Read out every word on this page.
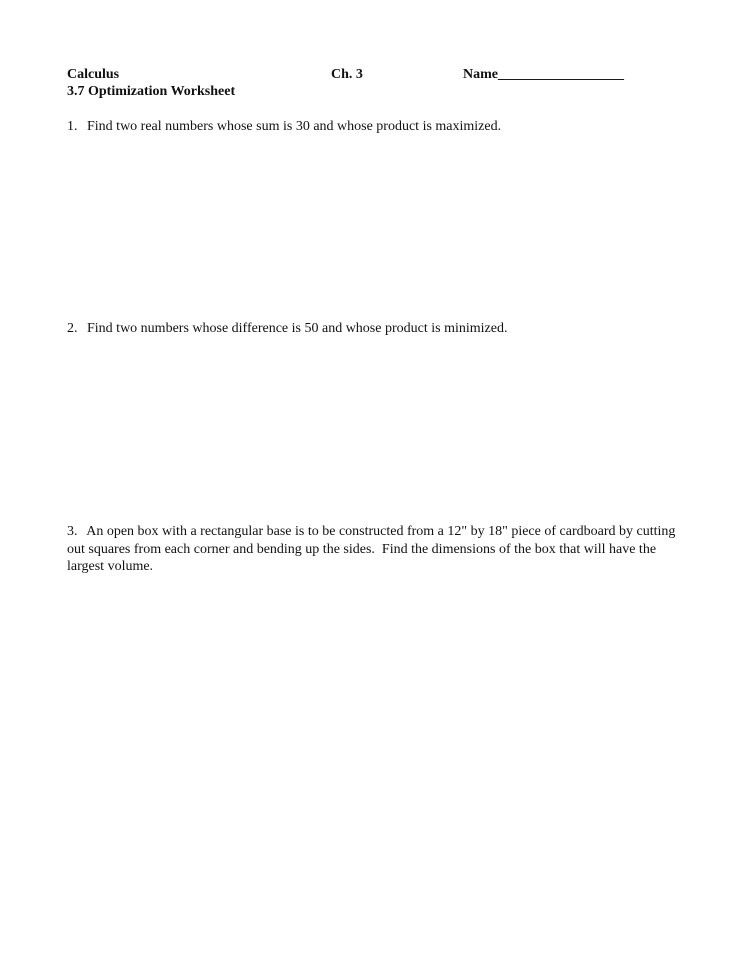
Calculus	Ch. 3	Name__________________
3.7 Optimization Worksheet
1. Find two real numbers whose sum is 30 and whose product is maximized.
2. Find two numbers whose difference is 50 and whose product is minimized.
3. An open box with a rectangular base is to be constructed from a 12" by 18" piece of cardboard by cutting out squares from each corner and bending up the sides.  Find the dimensions of the box that will have the largest volume.
